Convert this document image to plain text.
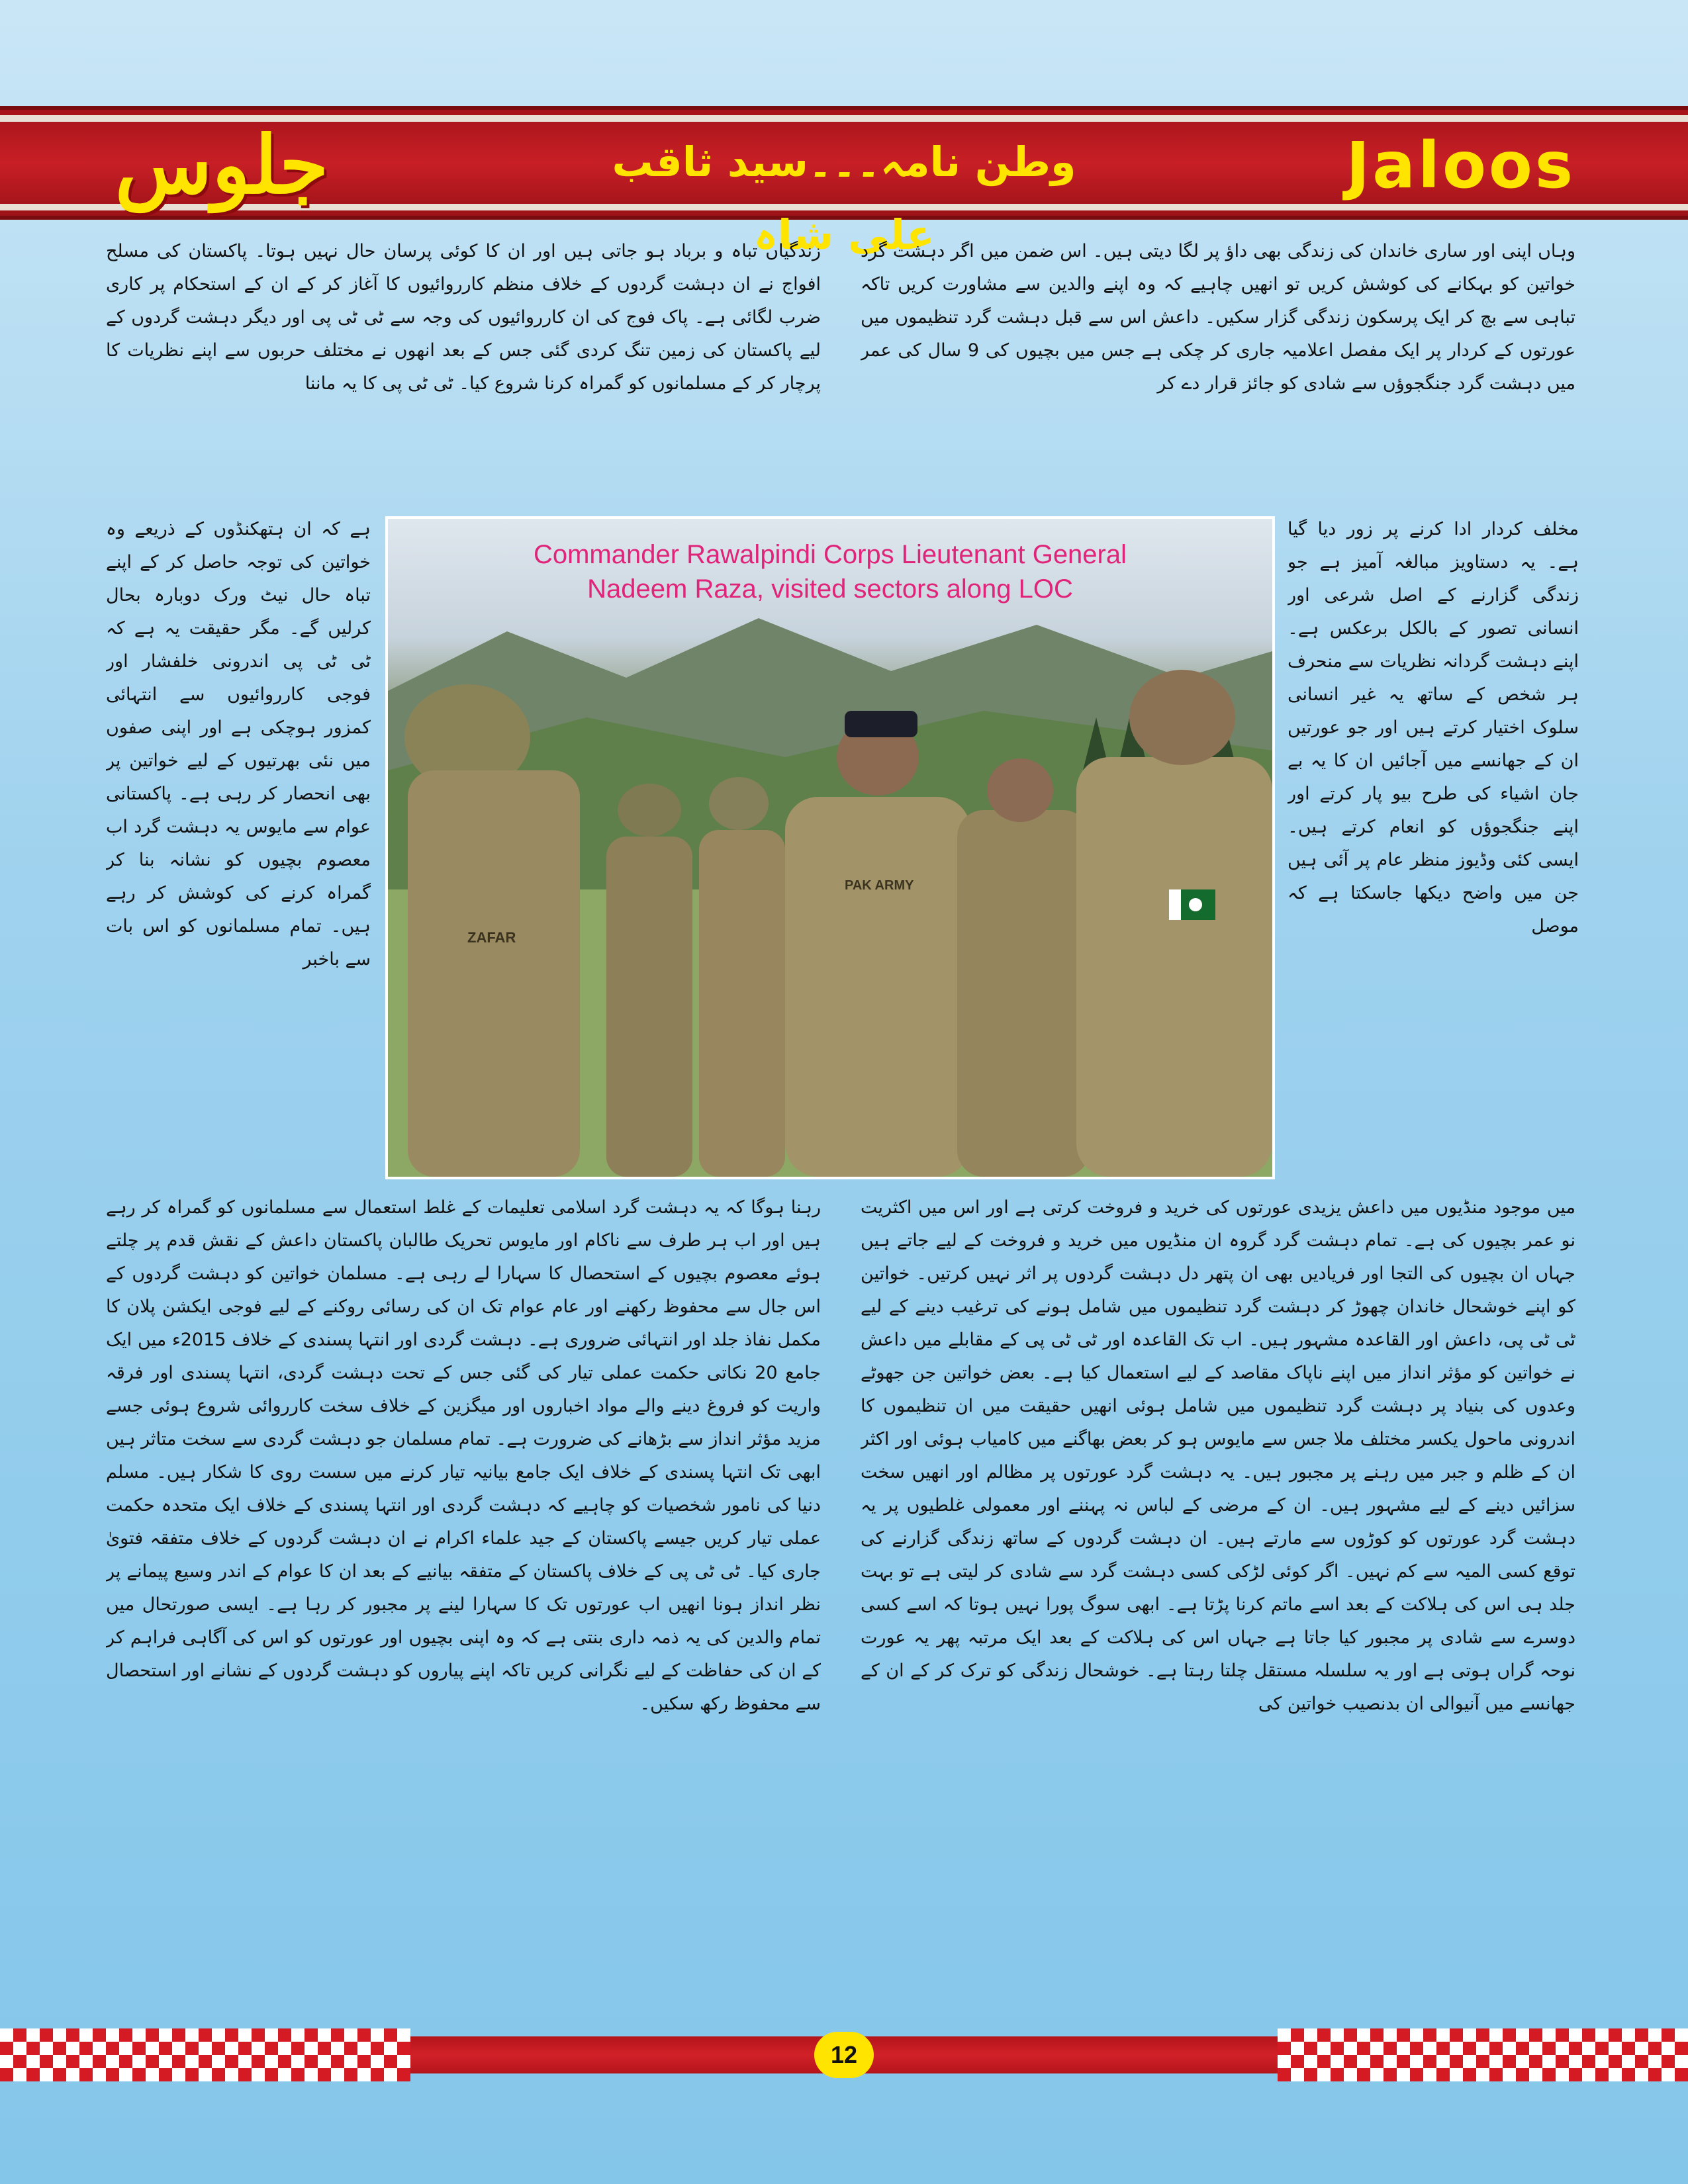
جلوس	وطن نامہ۔۔۔سید ثاقب علی شاہ
Jaloos

وہاں اپنی اور ساری خاندان کی زندگی بھی داؤ پر لگا دیتی ہیں۔ اس ضمن میں اگر دہشت گرد خواتین کو بہکانے کی کوشش کریں تو انھیں چاہیے کہ وہ اپنے والدین سے مشاورت کریں تاکہ تباہی سے بچ کر ایک پرسکون زندگی گزار سکیں۔ داعش اس سے قبل دہشت گرد تنظیموں میں عورتوں کے کردار پر ایک مفصل اعلامیہ جاری کر چکی ہے جس میں بچیوں کی 9 سال کی عمر میں دہشت گرد جنگجوؤں سے شادی کو جائز قرار دے کر

مخلف کردار ادا کرنے پر زور دیا گیا ہے۔ یہ دستاویز مبالغہ آمیز ہے جو زندگی گزارنے کے اصل شرعی اور انسانی تصور کے بالکل برعکس ہے۔ اپنے دہشت گردانہ نظریات سے منحرف ہر شخص کے ساتھ یہ غیر انسانی سلوک اختیار کرتے ہیں اور جو عورتیں ان کے جھانسے میں آجائیں ان کا یہ بے جان اشیاء کی طرح بیو پار کرتے اور اپنے جنگجوؤں کو انعام کرتے ہیں۔ ایسی کئی وڈیوز منظر عام پر آئی ہیں جن میں واضح دیکھا جاسکتا ہے کہ موصل

زندگیاں تباہ و برباد ہو جاتی ہیں اور ان کا کوئی پرسان حال نہیں ہوتا۔ پاکستان کی مسلح افواج نے ان دہشت گردوں کے خلاف منظم کارروائیوں کا آغاز کر کے ان کے استحکام پر کاری ضرب لگائی ہے۔ پاک فوج کی ان کارروائیوں کی وجہ سے ٹی ٹی پی اور دیگر دہشت گردوں کے لیے پاکستان کی زمین تنگ کردی گئی جس کے بعد انھوں نے مختلف حربوں سے اپنے نظریات کا پرچار کر کے مسلمانوں کو گمراہ کرنا شروع کیا۔ ٹی ٹی پی کا یہ ماننا

ہے کہ ان ہتھکنڈوں کے ذریعے وہ خواتین کی توجہ حاصل کر کے اپنے تباہ حال نیٹ ورک دوبارہ بحال کرلیں گے۔ مگر حقیقت یہ ہے کہ ٹی ٹی پی اندرونی خلفشار اور فوجی کارروائیوں سے انتہائی کمزور ہوچکی ہے اور اپنی صفوں میں نئی بھرتیوں کے لیے خواتین پر بھی انحصار کر رہی ہے۔ پاکستانی عوام سے مایوس یہ دہشت گرد اب معصوم بچیوں کو نشانہ بنا کر گمراہ کرنے کی کوشش کر رہے ہیں۔ تمام مسلمانوں کو اس بات سے باخبر

ZAFAR
PAK ARMY
Commander Rawalpindi Corps Lieutenant General
Nadeem Raza, visited sectors along LOC

میں موجود منڈیوں میں داعش یزیدی عورتوں کی خرید و فروخت کرتی ہے اور اس میں اکثریت نو عمر بچیوں کی ہے۔ تمام دہشت گرد گروہ ان منڈیوں میں خرید و فروخت کے لیے جاتے ہیں جہاں ان بچیوں کی التجا اور فریادیں بھی ان پتھر دل دہشت گردوں پر اثر نہیں کرتیں۔ خواتین کو اپنے خوشحال خاندان چھوڑ کر دہشت گرد تنظیموں میں شامل ہونے کی ترغیب دینے کے لیے ٹی ٹی پی، داعش اور القاعدہ مشہور ہیں۔ اب تک القاعدہ اور ٹی ٹی پی کے مقابلے میں داعش نے خواتین کو مؤثر انداز میں اپنے ناپاک مقاصد کے لیے استعمال کیا ہے۔ بعض خواتین جن جھوٹے وعدوں کی بنیاد پر دہشت گرد تنظیموں میں شامل ہوئی انھیں حقیقت میں ان تنظیموں کا اندرونی ماحول یکسر مختلف ملا جس سے مایوس ہو کر بعض بھاگنے میں کامیاب ہوئی اور اکثر ان کے ظلم و جبر میں رہنے پر مجبور ہیں۔ یہ دہشت گرد عورتوں پر مظالم اور انھیں سخت سزائیں دینے کے لیے مشہور ہیں۔ ان کے مرضی کے لباس نہ پہننے اور معمولی غلطیوں پر یہ دہشت گرد عورتوں کو کوڑوں سے مارتے ہیں۔ ان دہشت گردوں کے ساتھ زندگی گزارنے کی توقع کسی المیہ سے کم نہیں۔ اگر کوئی لڑکی کسی دہشت گرد سے شادی کر لیتی ہے تو بہت جلد ہی اس کی ہلاکت کے بعد اسے ماتم کرنا پڑتا ہے۔ ابھی سوگ پورا نہیں ہوتا کہ اسے کسی دوسرے سے شادی پر مجبور کیا جاتا ہے جہاں اس کی ہلاکت کے بعد ایک مرتبہ پھر یہ عورت نوحہ گراں ہوتی ہے اور یہ سلسلہ مستقل چلتا رہتا ہے۔ خوشحال زندگی کو ترک کر کے ان کے جھانسے میں آنیوالی ان بدنصیب خواتین کی

رہنا ہوگا کہ یہ دہشت گرد اسلامی تعلیمات کے غلط استعمال سے مسلمانوں کو گمراہ کر رہے ہیں اور اب ہر طرف سے ناکام اور مایوس تحریک طالبان پاکستان داعش کے نقش قدم پر چلتے ہوئے معصوم بچیوں کے استحصال کا سہارا لے رہی ہے۔ مسلمان خواتین کو دہشت گردوں کے اس جال سے محفوظ رکھنے اور عام عوام تک ان کی رسائی روکنے کے لیے فوجی ایکشن پلان کا مکمل نفاذ جلد اور انتہائی ضروری ہے۔ دہشت گردی اور انتہا پسندی کے خلاف 2015ء میں ایک جامع 20 نکاتی حکمت عملی تیار کی گئی جس کے تحت دہشت گردی، انتہا پسندی اور فرقہ واریت کو فروغ دینے والے مواد اخباروں اور میگزین کے خلاف سخت کارروائی شروع ہوئی جسے مزید مؤثر انداز سے بڑھانے کی ضرورت ہے۔ تمام مسلمان جو دہشت گردی سے سخت متاثر ہیں ابھی تک انتہا پسندی کے خلاف ایک جامع بیانیہ تیار کرنے میں سست روی کا شکار ہیں۔ مسلم دنیا کی نامور شخصیات کو چاہیے کہ دہشت گردی اور انتہا پسندی کے خلاف ایک متحدہ حکمت عملی تیار کریں جیسے پاکستان کے جید علماء اکرام نے ان دہشت گردوں کے خلاف متفقہ فتویٰ جاری کیا۔ ٹی ٹی پی کے خلاف پاکستان کے متفقہ بیانیے کے بعد ان کا عوام کے اندر وسیع پیمانے پر نظر انداز ہونا انھیں اب عورتوں تک کا سہارا لینے پر مجبور کر رہا ہے۔ ایسی صورتحال میں تمام والدین کی یہ ذمہ داری بنتی ہے کہ وہ اپنی بچیوں اور عورتوں کو اس کی آگاہی فراہم کر کے ان کی حفاظت کے لیے نگرانی کریں تاکہ اپنے پیاروں کو دہشت گردوں کے نشانے اور استحصال سے محفوظ رکھ سکیں۔

12
